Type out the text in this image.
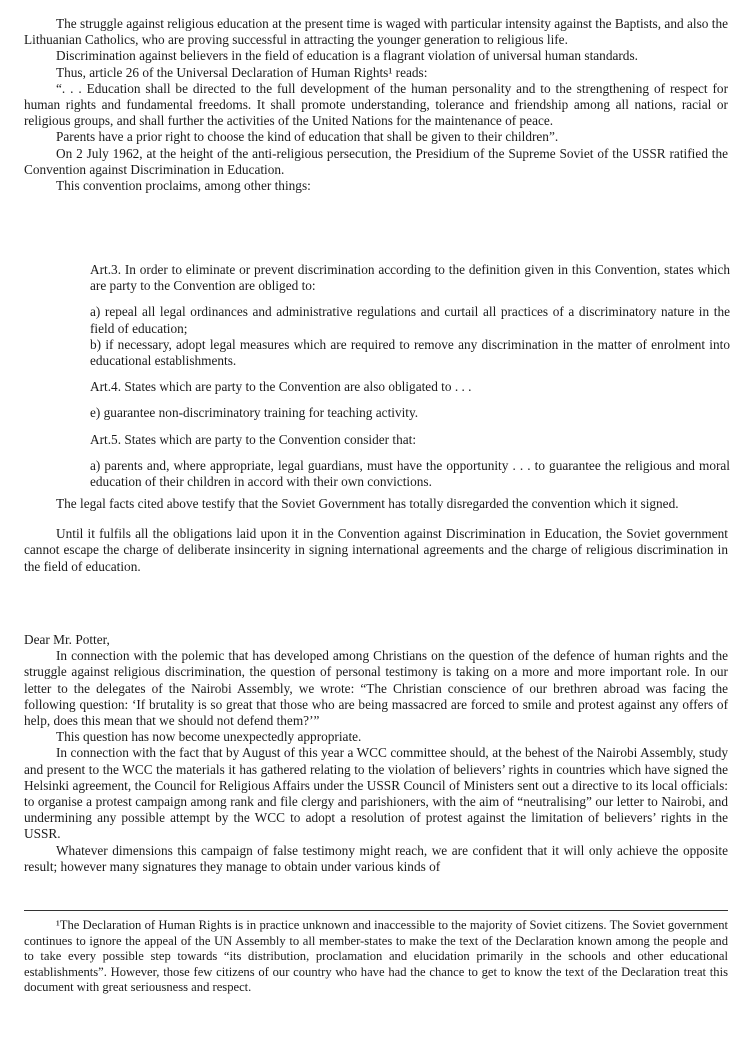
The struggle against religious education at the present time is waged with particular intensity against the Baptists, and also the Lithuanian Catholics, who are proving successful in attracting the younger generation to religious life.

Discrimination against believers in the field of education is a flagrant violation of universal human standards.

Thus, article 26 of the Universal Declaration of Human Rights¹ reads:

“. . . Education shall be directed to the full development of the human personality and to the strengthening of respect for human rights and fundamental freedoms. It shall promote understanding, tolerance and friendship among all nations, racial or religious groups, and shall further the activities of the United Nations for the maintenance of peace.

Parents have a prior right to choose the kind of education that shall be given to their children”.

On 2 July 1962, at the height of the anti-religious persecution, the Presidium of the Supreme Soviet of the USSR ratified the Convention against Discrimination in Education.

This convention proclaims, among other things:

Art.3. In order to eliminate or prevent discrimination according to the definition given in this Convention, states which are party to the Convention are obliged to:

a) repeal all legal ordinances and administrative regulations and curtail all practices of a discriminatory nature in the field of education;

b) if necessary, adopt legal measures which are required to remove any discrimination in the matter of enrolment into educational establishments.

Art.4. States which are party to the Convention are also obligated to . . .

e) guarantee non-discriminatory training for teaching activity.

Art.5. States which are party to the Convention consider that:

a) parents and, where appropriate, legal guardians, must have the opportunity . . . to guarantee the religious and moral education of their children in accord with their own convictions.

The legal facts cited above testify that the Soviet Government has totally disregarded the convention which it signed.

Until it fulfils all the obligations laid upon it in the Convention against Discrimination in Education, the Soviet government cannot escape the charge of deliberate insincerity in signing international agreements and the charge of religious discrimination in the field of education.

Dear Mr. Potter,

In connection with the polemic that has developed among Christians on the question of the defence of human rights and the struggle against religious discrimination, the question of personal testimony is taking on a more and more important role. In our letter to the delegates of the Nairobi Assembly, we wrote: “The Christian conscience of our brethren abroad was facing the following question: ‘If brutality is so great that those who are being massacred are forced to smile and protest against any offers of help, does this mean that we should not defend them?’”

This question has now become unexpectedly appropriate.

In connection with the fact that by August of this year a WCC committee should, at the behest of the Nairobi Assembly, study and present to the WCC the materials it has gathered relating to the violation of believers’ rights in countries which have signed the Helsinki agreement, the Council for Religious Affairs under the USSR Council of Ministers sent out a directive to its local officials: to organise a protest campaign among rank and file clergy and parishioners, with the aim of “neutralising” our letter to Nairobi, and undermining any possible attempt by the WCC to adopt a resolution of protest against the limitation of believers’ rights in the USSR.

Whatever dimensions this campaign of false testimony might reach, we are confident that it will only achieve the opposite result; however many signatures they manage to obtain under various kinds of

¹The Declaration of Human Rights is in practice unknown and inaccessible to the majority of Soviet citizens. The Soviet government continues to ignore the appeal of the UN Assembly to all member-states to make the text of the Declaration known among the people and to take every possible step towards “its distribution, proclamation and elucidation primarily in the schools and other educational establishments”. However, those few citizens of our country who have had the chance to get to know the text of the Declaration treat this document with great seriousness and respect.
